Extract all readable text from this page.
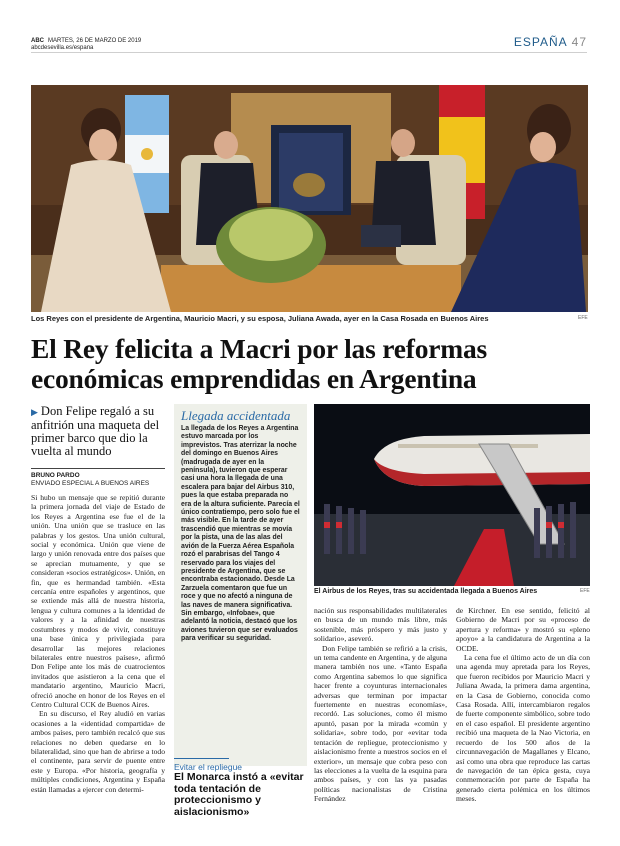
ABC MARTES, 26 DE MARZO DE 2019
abcdesevilla.es/espana	ESPAÑA 47
Los Reyes con el presidente de Argentina, Mauricio Macri, y su esposa, Juliana Awada, ayer en la Casa Rosada en Buenos Aires	EFE
El Rey felicita a Macri por las reformas económicas emprendidas en Argentina
▶ Don Felipe regaló a su anfitrión una maqueta del primer barco que dio la vuelta al mundo
BRUNO PARDO
ENVIADO ESPECIAL A BUENOS AIRES

Si hubo un mensaje que se repitió durante la primera jornada del viaje de Estado de los Reyes a Argentina ese fue el de la unión. Una unión que se trasluce en las palabras y los gestos. Una unión cultural, social y económica. Unión que viene de largo y unión renovada entre dos países que se aprecian mutuamente, y que se consideran «socios estratégicos». Unión, en fin, que es hermandad también. «Esta cercanía entre españoles y argentinos, que se extiende más allá de nuestra historia, lengua y cultura comunes a la identidad de valores y a la afinidad de nuestras costumbres y modos de vivir, constituye una base única y privilegiada para desarrollar las mejores relaciones bilaterales entre nuestros países», afirmó Don Felipe ante los más de cuatrocientos invitados que asistieron a la cena que el mandatario argentino, Mauricio Macri, ofreció anoche en honor de los Reyes en el Centro Cultural CCK de Buenos Aires.

En su discurso, el Rey aludió en varias ocasiones a la «identidad compartida» de ambos países, pero también recalcó que sus relaciones no deben quedarse en lo bilateralidad, sino que han de abrirse a todo el continente, para servir de puente entre este y Europa. «Por historia, geografía y múltiples condiciones, Argentina y España están llamadas a ejercer con determi-

Llegada accidentada
La llegada de los Reyes a Argentina estuvo marcada por los imprevistos. Tras aterrizar la noche del domingo en Buenos Aires (madrugada de ayer en la península), tuvieron que esperar casi una hora la llegada de una escalera para bajar del Airbus 310, pues la que estaba preparada no era de la altura suficiente. Parecía el único contratiempo, pero solo fue el más visible. En la tarde de ayer trascendió que mientras se movía por la pista, una de las alas del avión de la Fuerza Aérea Española rozó el parabrisas del Tango 4 reservado para los viajes del presidente de Argentina, que se encontraba estacionado. Desde La Zarzuela comentaron que fue un roce y que no afectó a ninguna de las naves de manera significativa. Sin embargo, «Infobae», que adelantó la noticia, destacó que los aviones tuvieron que ser evaluados para verificar su seguridad.
Evitar el repliegue
El Monarca instó a «evitar toda tentación de proteccionismo y aislacionismo»
El Airbus de los Reyes, tras su accidentada llegada a Buenos Aires	EFE

nación sus responsabilidades multilaterales en busca de un mundo más libre, más sostenible, más próspero y más justo y solidario», aseveró.

Don Felipe también se refirió a la crisis, un tema candente en Argentina, y de alguna manera también nos une. «Tanto España como Argentina sabemos lo que significa hacer frente a coyunturas internacionales adversas que terminan por impactar fuertemente en nuestras economías», recordó. Las soluciones, como él mismo apuntó, pasan por la mirada «común y solidaria», sobre todo, por «evitar toda tentación de repliegue, proteccionismo y aislacionismo frente a nuestros socios en el exterior», un mensaje que cobra peso con las elecciones a la vuelta de la esquina para ambos países, y con las ya pasadas políticas nacionalistas de Cristina Fernández

de Kirchner. En ese sentido, felicitó al Gobierno de Macri por su «proceso de apertura y reforma» y mostró su «pleno apoyo» a la candidatura de Argentina a la OCDE.

La cena fue el último acto de un día con una agenda muy apretada para los Reyes, que fueron recibidos por Mauricio Macri y Juliana Awada, la primera dama argentina, en la Casa de Gobierno, conocida como Casa Rosada. Allí, intercambiaron regalos de fuerte componente simbólico, sobre todo en el caso español. El presidente argentino recibió una maqueta de la Nao Victoria, en recuerdo de los 500 años de la circunnavegación de Magallanes y Elcano, así como una obra que reproduce las cartas de navegación de tan épica gesta, cuya conmemoración por parte de España ha generado cierta polémica en los últimos meses.
